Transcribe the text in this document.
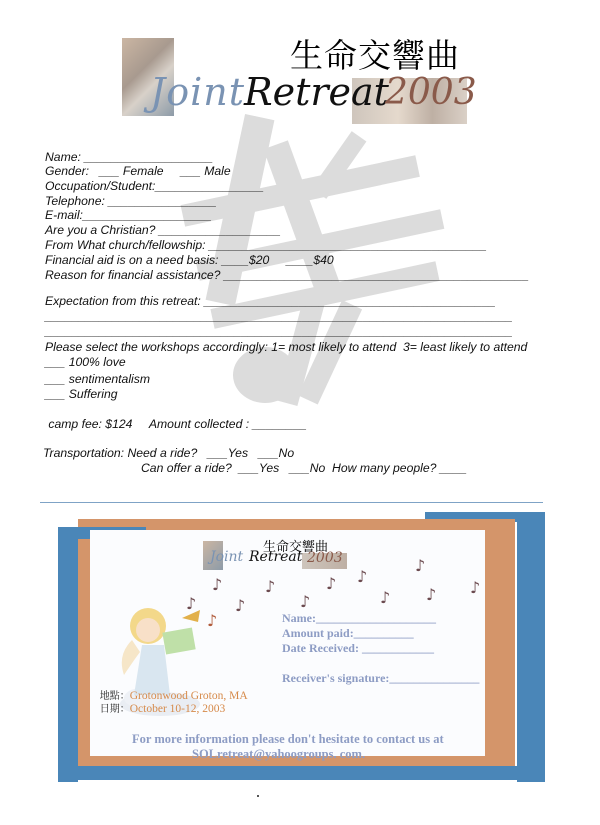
生命交響曲
Joint
Retreat
2003
Name: ___________________
Gender:   ___ Female     ___ Male
Occupation/Student:________________
Telephone: ________________
E-mail:___________________
Are you a Christian? __________________
From What church/fellowship: _________________________________________
Financial aid is on a need basis: ____$20     ____$40
Reason for financial assistance? _____________________________________________
Expectation from this retreat: ___________________________________________
_____________________________________________________________________
_____________________________________________________________________
Please select the workshops accordingly: 1= most likely to attend  3= least likely to attend
___ 100% love
___ sentimentalism
___ Suffering
camp fee: $124     Amount collected : ________
Transportation: Need a ride?   ___Yes   ___No
Can offer a ride?  ___Yes   ___No  How many people? ____
生命交響曲
Joint Retreat 2003
♪
♪ ♪
♪
♪
♪ ♪
♪
♪
♪ ♪
♪	Name:____________________
Amount paid:__________
Date Received: ____________
Receiver's signature:_______________

地點：Grotonwood Groton, MA

日期：October 10-12, 2003

For more information please don't hesitate to contact us at
SOLretreat@yahoogroups. com.
